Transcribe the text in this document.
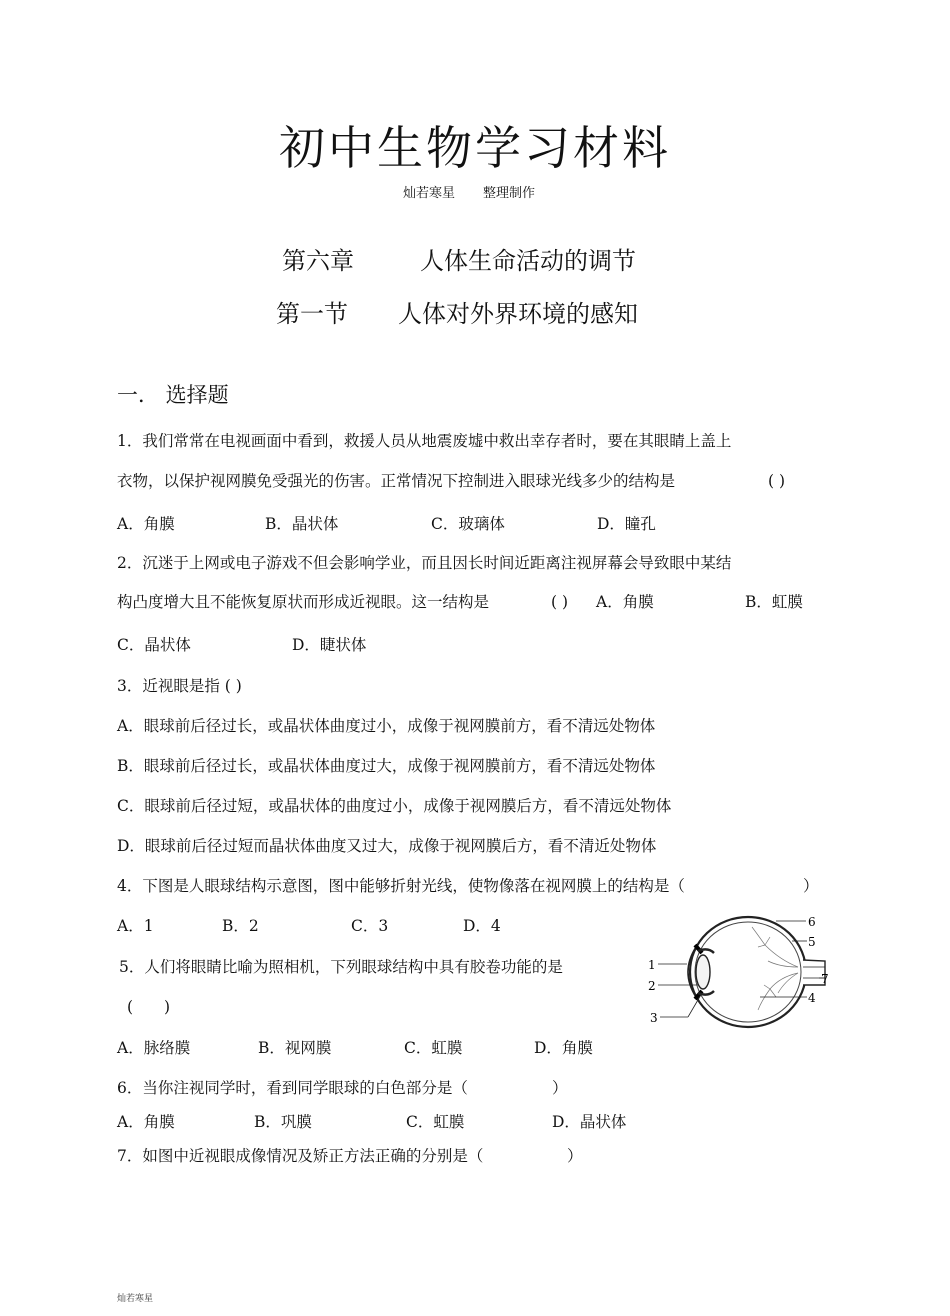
初中生物学习材料
灿若寒星 整理制作
第六章	人体生命活动的调节
第一节 人体对外界环境的感知
一． 选择题
1．我们常常在电视画面中看到，救援人员从地震废墟中救出幸存者时，要在其眼睛上盖上
衣物，以保护视网膜免受强光的伤害。正常情况下控制进入眼球光线多少的结构是	( )
A．角膜	B．晶状体	C．玻璃体	D．瞳孔
2．沉迷于上网或电子游戏不但会影响学业，而且因长时间近距离注视屏幕会导致眼中某结
构凸度增大且不能恢复原状而形成近视眼。这一结构是	( ) A．角膜	B．虹膜
C．晶状体	D．睫状体
3．近视眼是指 ( )
A．眼球前后径过长，或晶状体曲度过小，成像于视网膜前方，看不清远处物体
B．眼球前后径过长，或晶状体曲度过大，成像于视网膜前方，看不清远处物体
C．眼球前后径过短，或晶状体的曲度过小，成像于视网膜后方，看不清远处物体
D．眼球前后径过短而晶状体曲度又过大，成像于视网膜后方，看不清近处物体
4．下图是人眼球结构示意图，图中能够折射光线，使物像落在视网膜上的结构是（	）
A．1	B．2	C．3	D．4
5．人们将眼睛比喻为照相机，下列眼球结构中具有胶卷功能的是
(　　)
A．脉络膜	B．视网膜	C．虹膜	D．角膜
6．当你注视同学时，看到同学眼球的白色部分是（	）
A．角膜	B．巩膜	C．虹膜	D．晶状体
7．如图中近视眼成像情况及矫正方法正确的分别是（	）
1
2
3
4
5
6
7
灿若寒星
